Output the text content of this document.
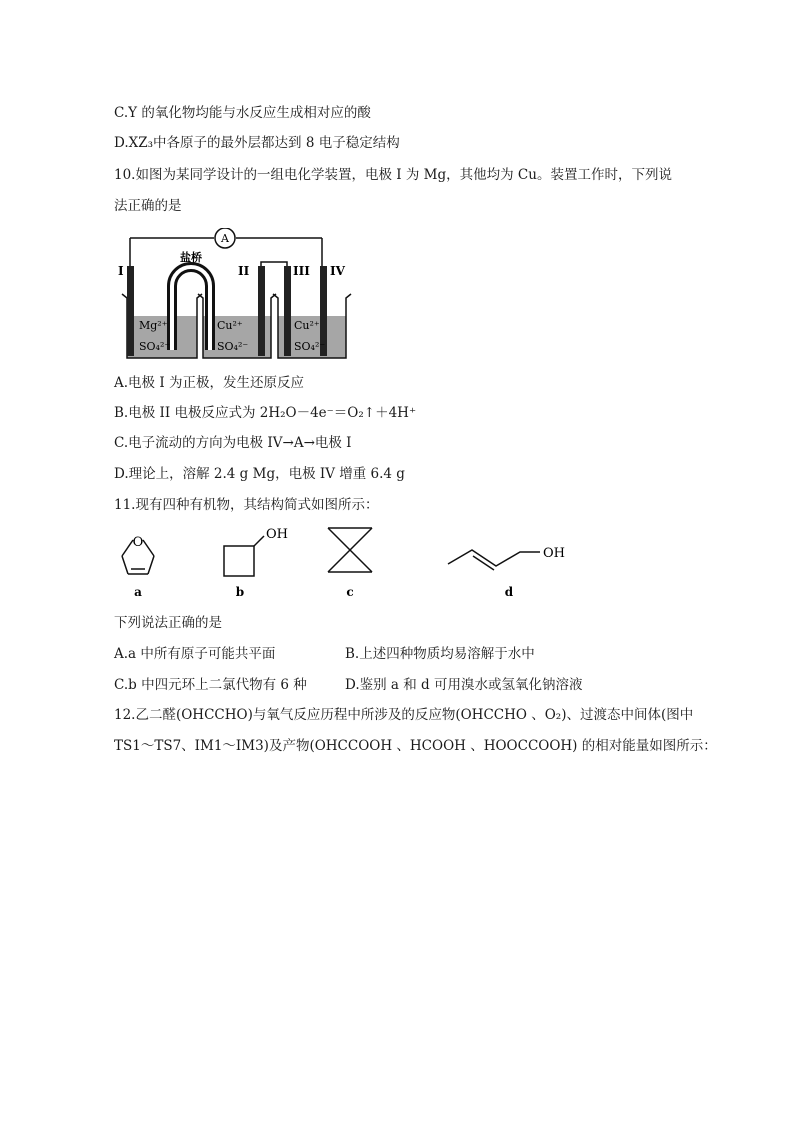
C.Y 的氧化物均能与水反应生成相对应的酸
D.XZ₃中各原子的最外层都达到 8 电子稳定结构
10.如图为某同学设计的一组电化学装置，电极 I 为 Mg，其他均为 Cu。装置工作时，下列说
法正确的是
A
盐桥
I	II	III IV
Mg²⁺
SO₄²⁻
Cu²⁺
SO₄²⁻
Cu²⁺
SO₄²⁻
A.电极 I 为正极，发生还原反应
B.电极 II 电极反应式为 2H₂O－4e⁻＝O₂↑＋4H⁺
C.电子流动的方向为电极 IV→A→电极 I
D.理论上，溶解 2.4 g Mg，电极 IV 增重 6.4 g
11.现有四种有机物，其结构简式如图所示：
O
a
OH
b	c
OH
d
下列说法正确的是
A.a 中所有原子可能共平面	B.上述四种物质均易溶解于水中
C.b 中四元环上二氯代物有 6 种	D.鉴别 a 和 d 可用溴水或氢氧化钠溶液
12.乙二醛(OHCCHO)与氧气反应历程中所涉及的反应物(OHCCHO 、O₂)、过渡态中间体(图中
TS1～TS7、IM1～IM3)及产物(OHCCOOH 、HCOOH 、HOOCCOOH) 的相对能量如图所示：
